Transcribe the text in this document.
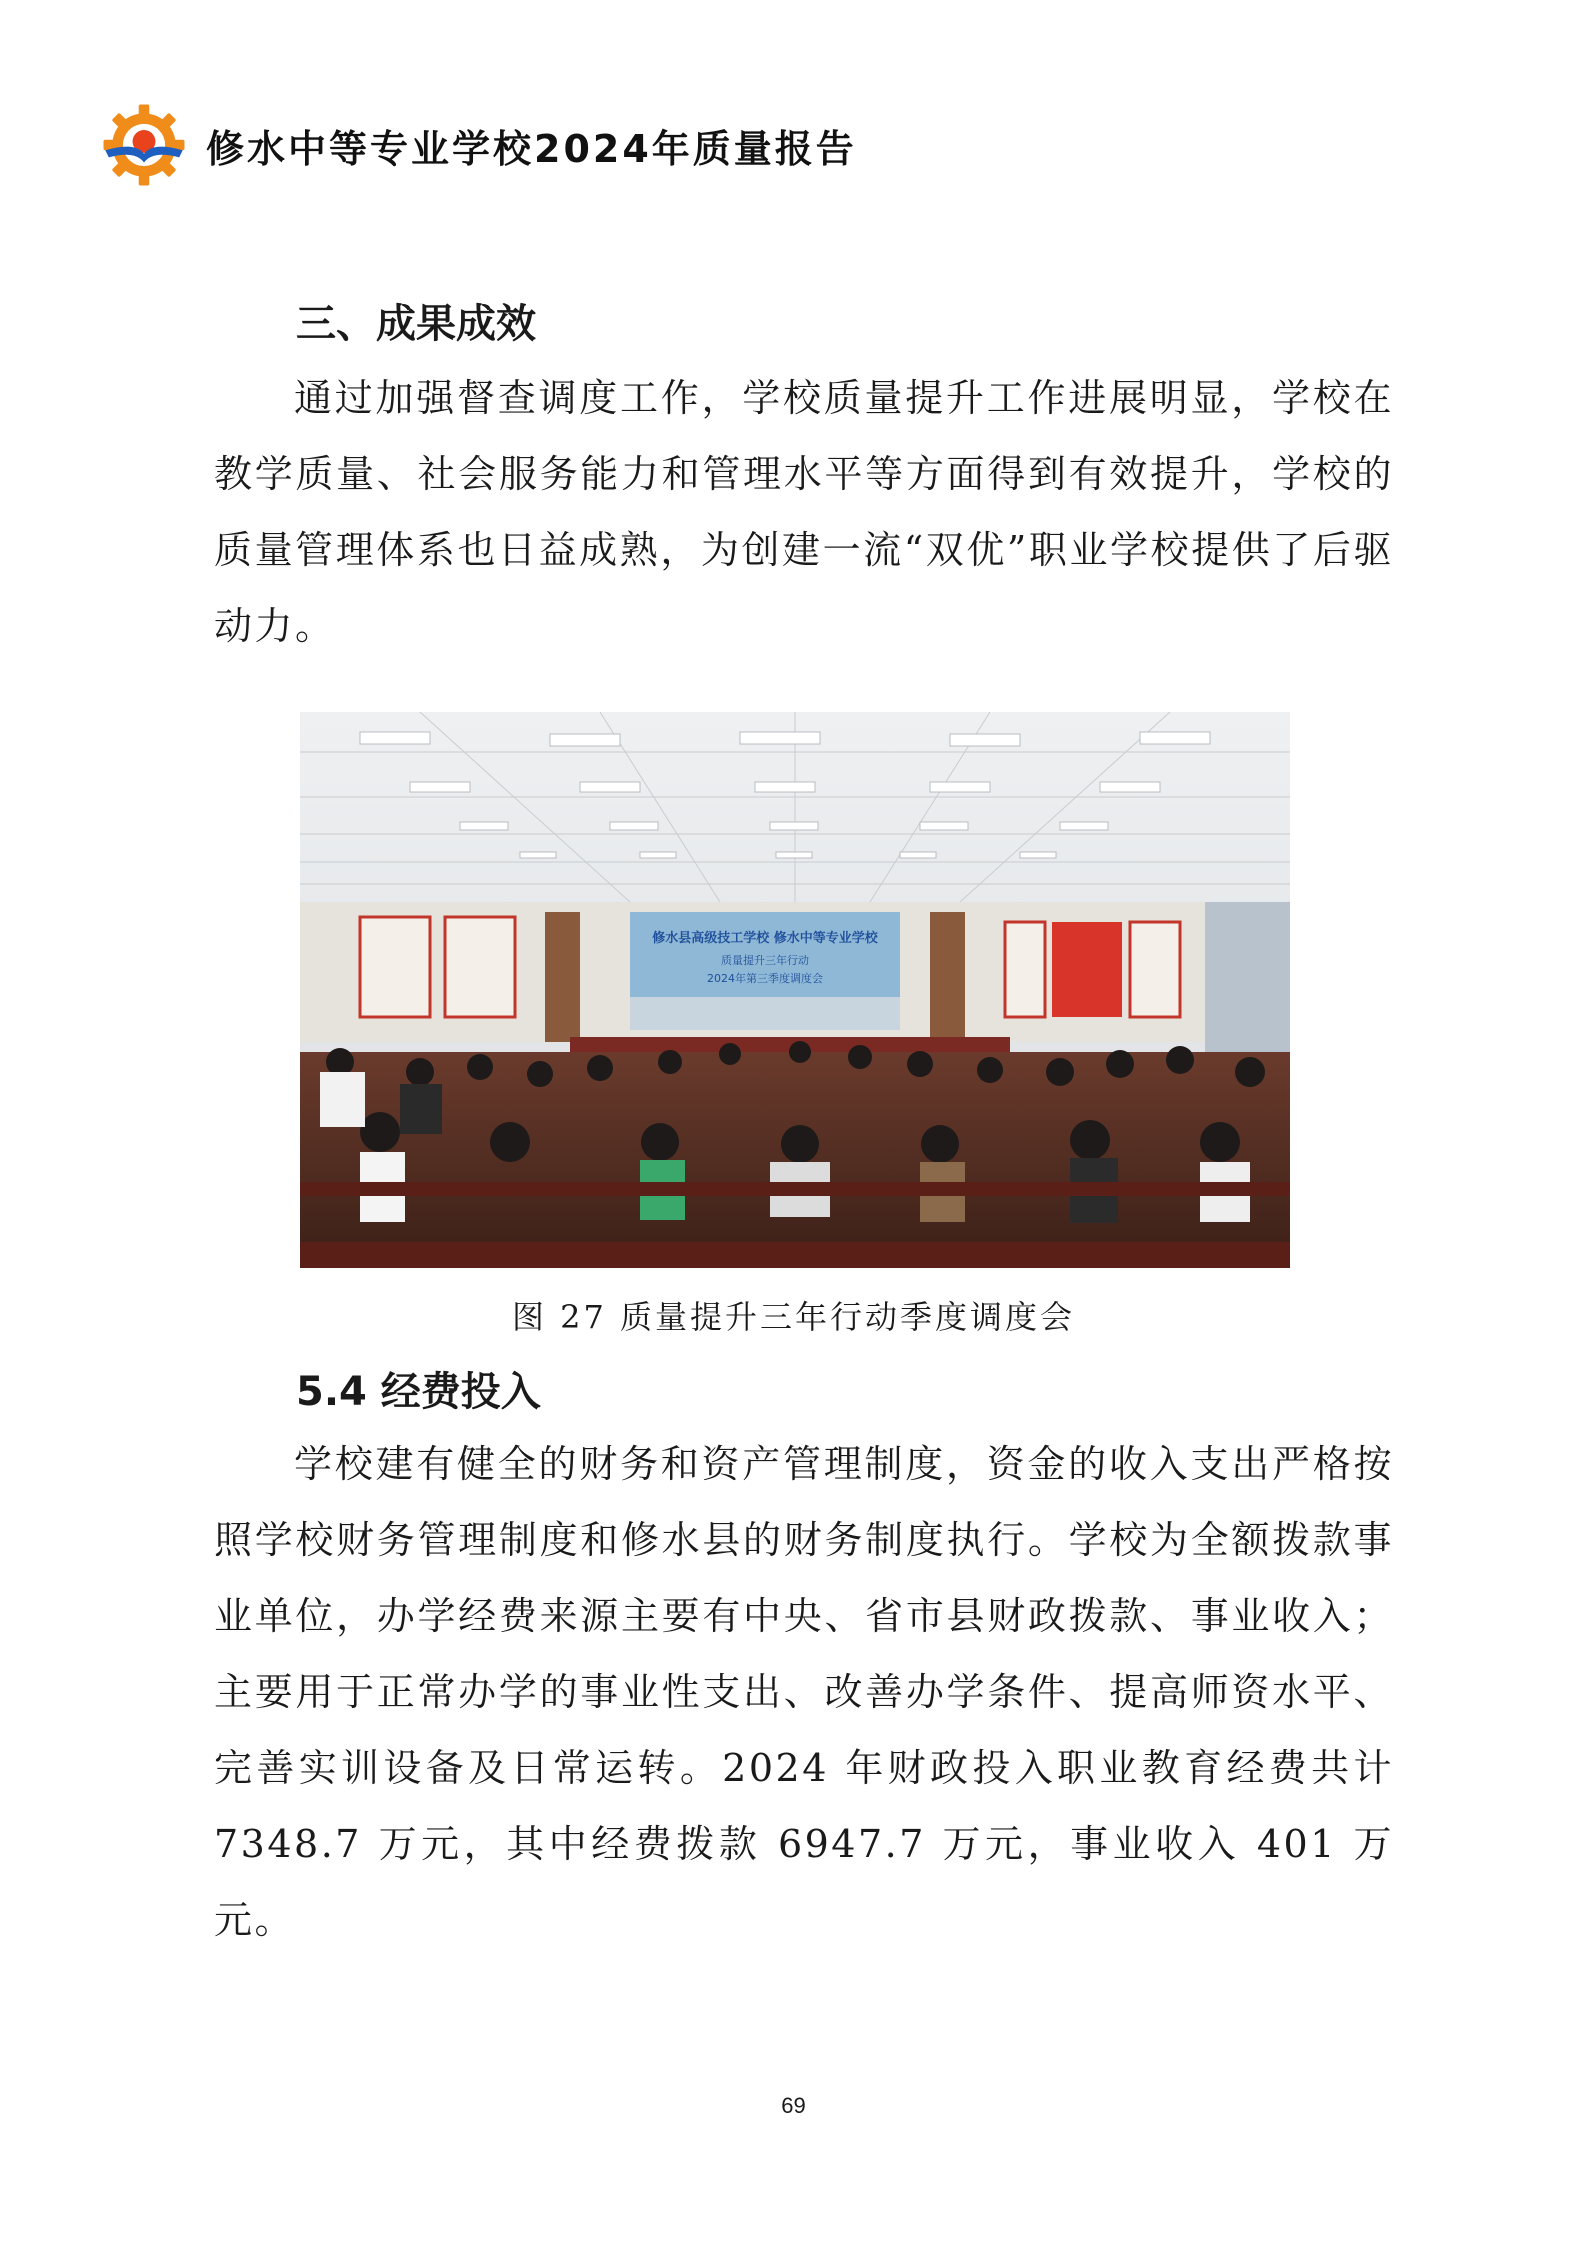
修水中等专业学校2024年质量报告
三、成果成效

通过加强督查调度工作，学校质量提升工作进展明显，学校在教学质量、社会服务能力和管理水平等方面得到有效提升，学校的质量管理体系也日益成熟，为创建一流“双优”职业学校提供了后驱动力。

修水县高级技工学校 修水中等专业学校
质量提升三年行动
2024年第三季度调度会
图 27 质量提升三年行动季度调度会
5.4 经费投入

学校建有健全的财务和资产管理制度，资金的收入支出严格按照学校财务管理制度和修水县的财务制度执行。学校为全额拨款事业单位，办学经费来源主要有中央、省市县财政拨款、事业收入；主要用于正常办学的事业性支出、改善办学条件、提高师资水平、完善实训设备及日常运转。2024 年财政投入职业教育经费共计 7348.7 万元，其中经费拨款 6947.7 万元，事业收入 401 万元。

69
